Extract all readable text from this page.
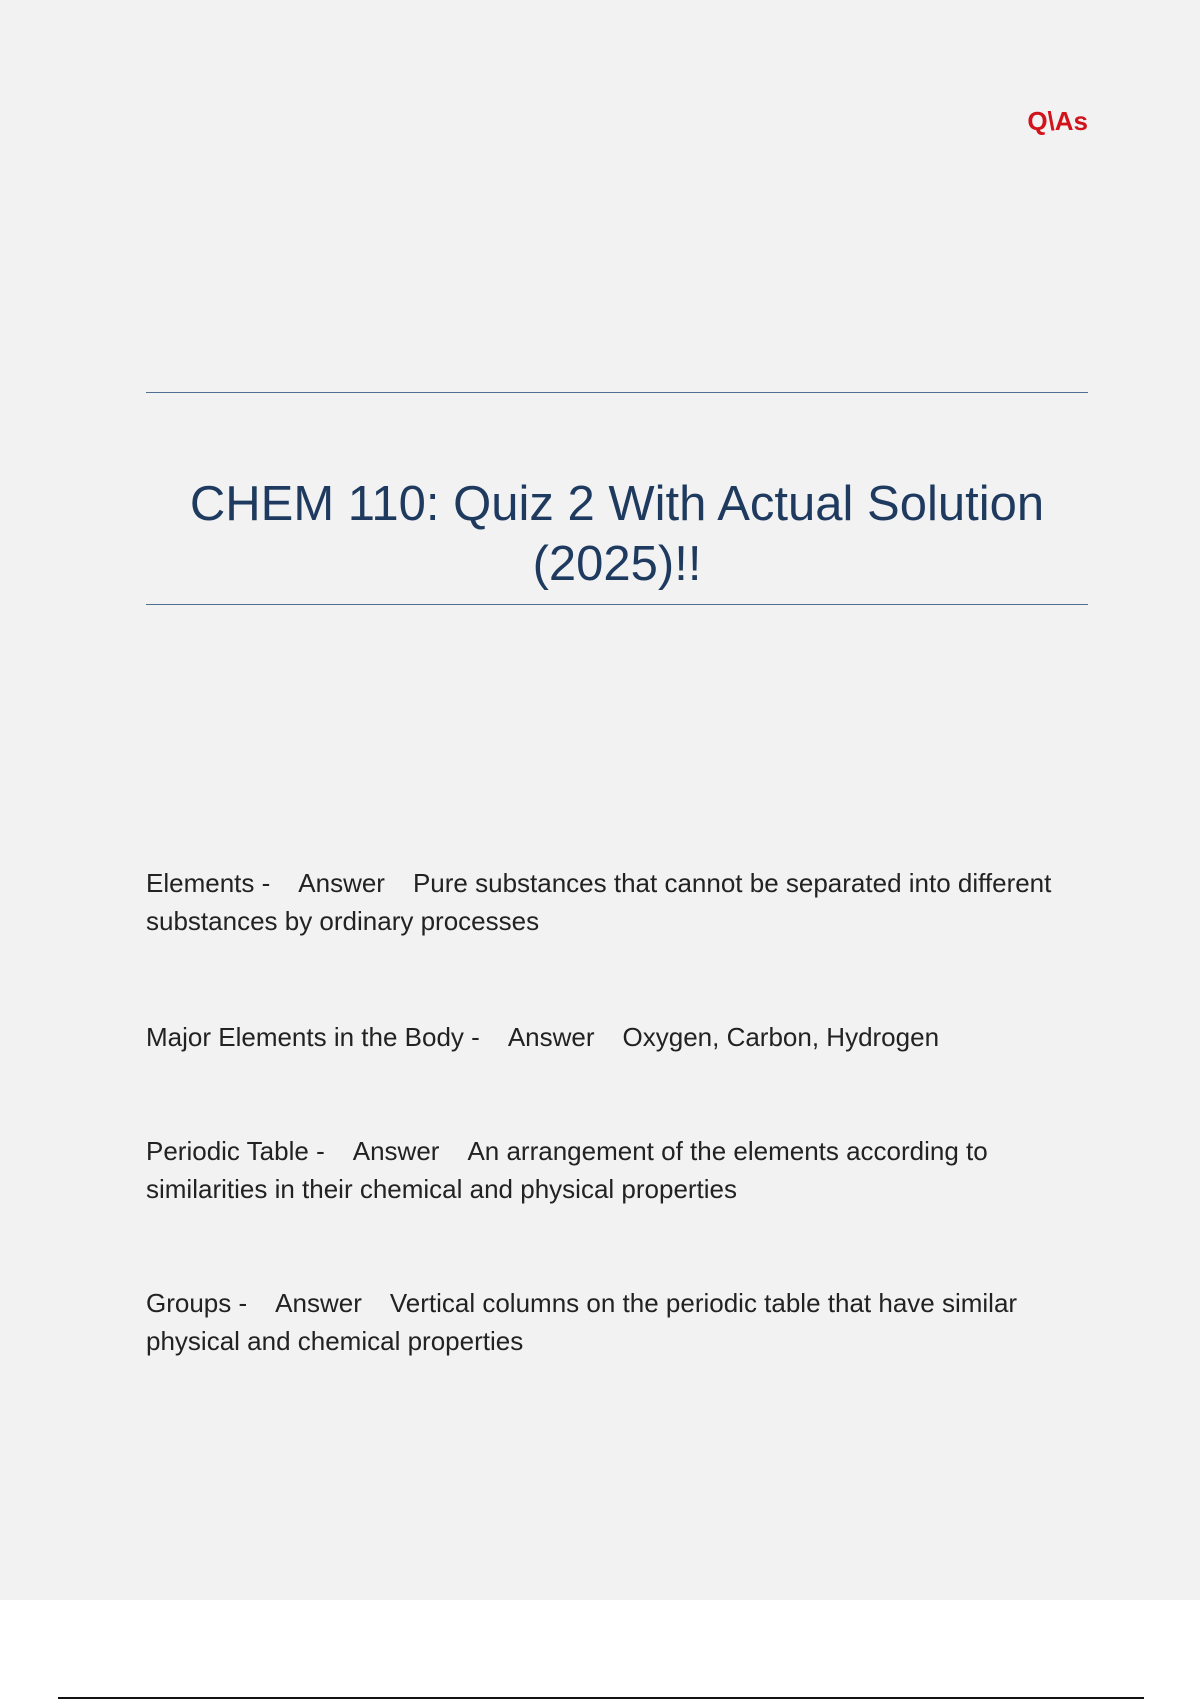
Q\As
CHEM 110: Quiz 2 With Actual Solution (2025)!!
Elements - Answer Pure substances that cannot be separated into different substances by ordinary processes
Major Elements in the Body - Answer Oxygen, Carbon, Hydrogen
Periodic Table - Answer An arrangement of the elements according to similarities in their chemical and physical properties
Groups - Answer Vertical columns on the periodic table that have similar physical and chemical properties
